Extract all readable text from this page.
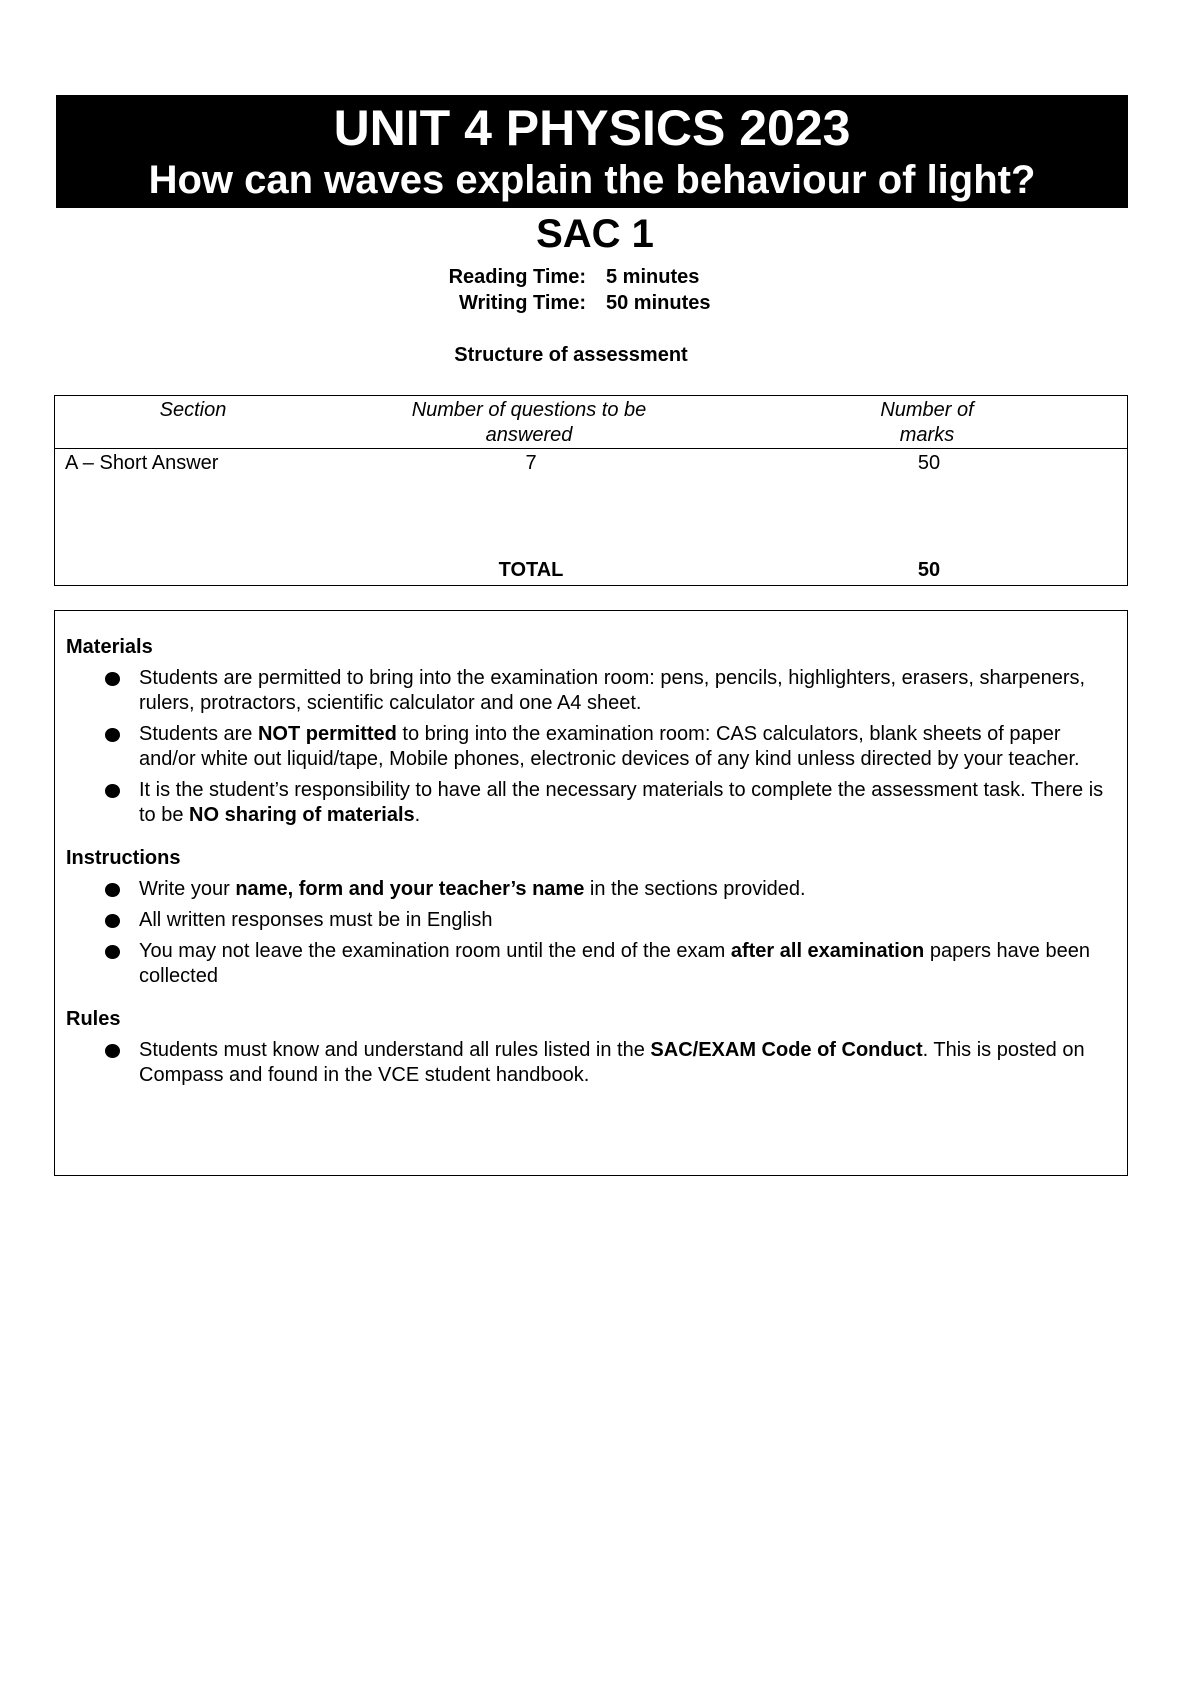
UNIT 4 PHYSICS 2023
How can waves explain the behaviour of light?
SAC 1
Reading Time: 5 minutes
Writing Time: 50 minutes
Structure of assessment
Section	Number of questions to be answered	Number of marks
A – Short Answer	7	50
	TOTAL	50
Materials
Students are permitted to bring into the examination room: pens, pencils, highlighters, erasers, sharpeners, rulers, protractors, scientific calculator and one A4 sheet.
Students are NOT permitted to bring into the examination room: CAS calculators, blank sheets of paper and/or white out liquid/tape, Mobile phones, electronic devices of any kind unless directed by your teacher.
It is the student’s responsibility to have all the necessary materials to complete the assessment task. There is to be NO sharing of materials.
Instructions
Write your name, form and your teacher’s name in the sections provided.
All written responses must be in English
You may not leave the examination room until the end of the exam after all examination papers have been collected
Rules
Students must know and understand all rules listed in the SAC/EXAM Code of Conduct. This is posted on Compass and found in the VCE student handbook.
